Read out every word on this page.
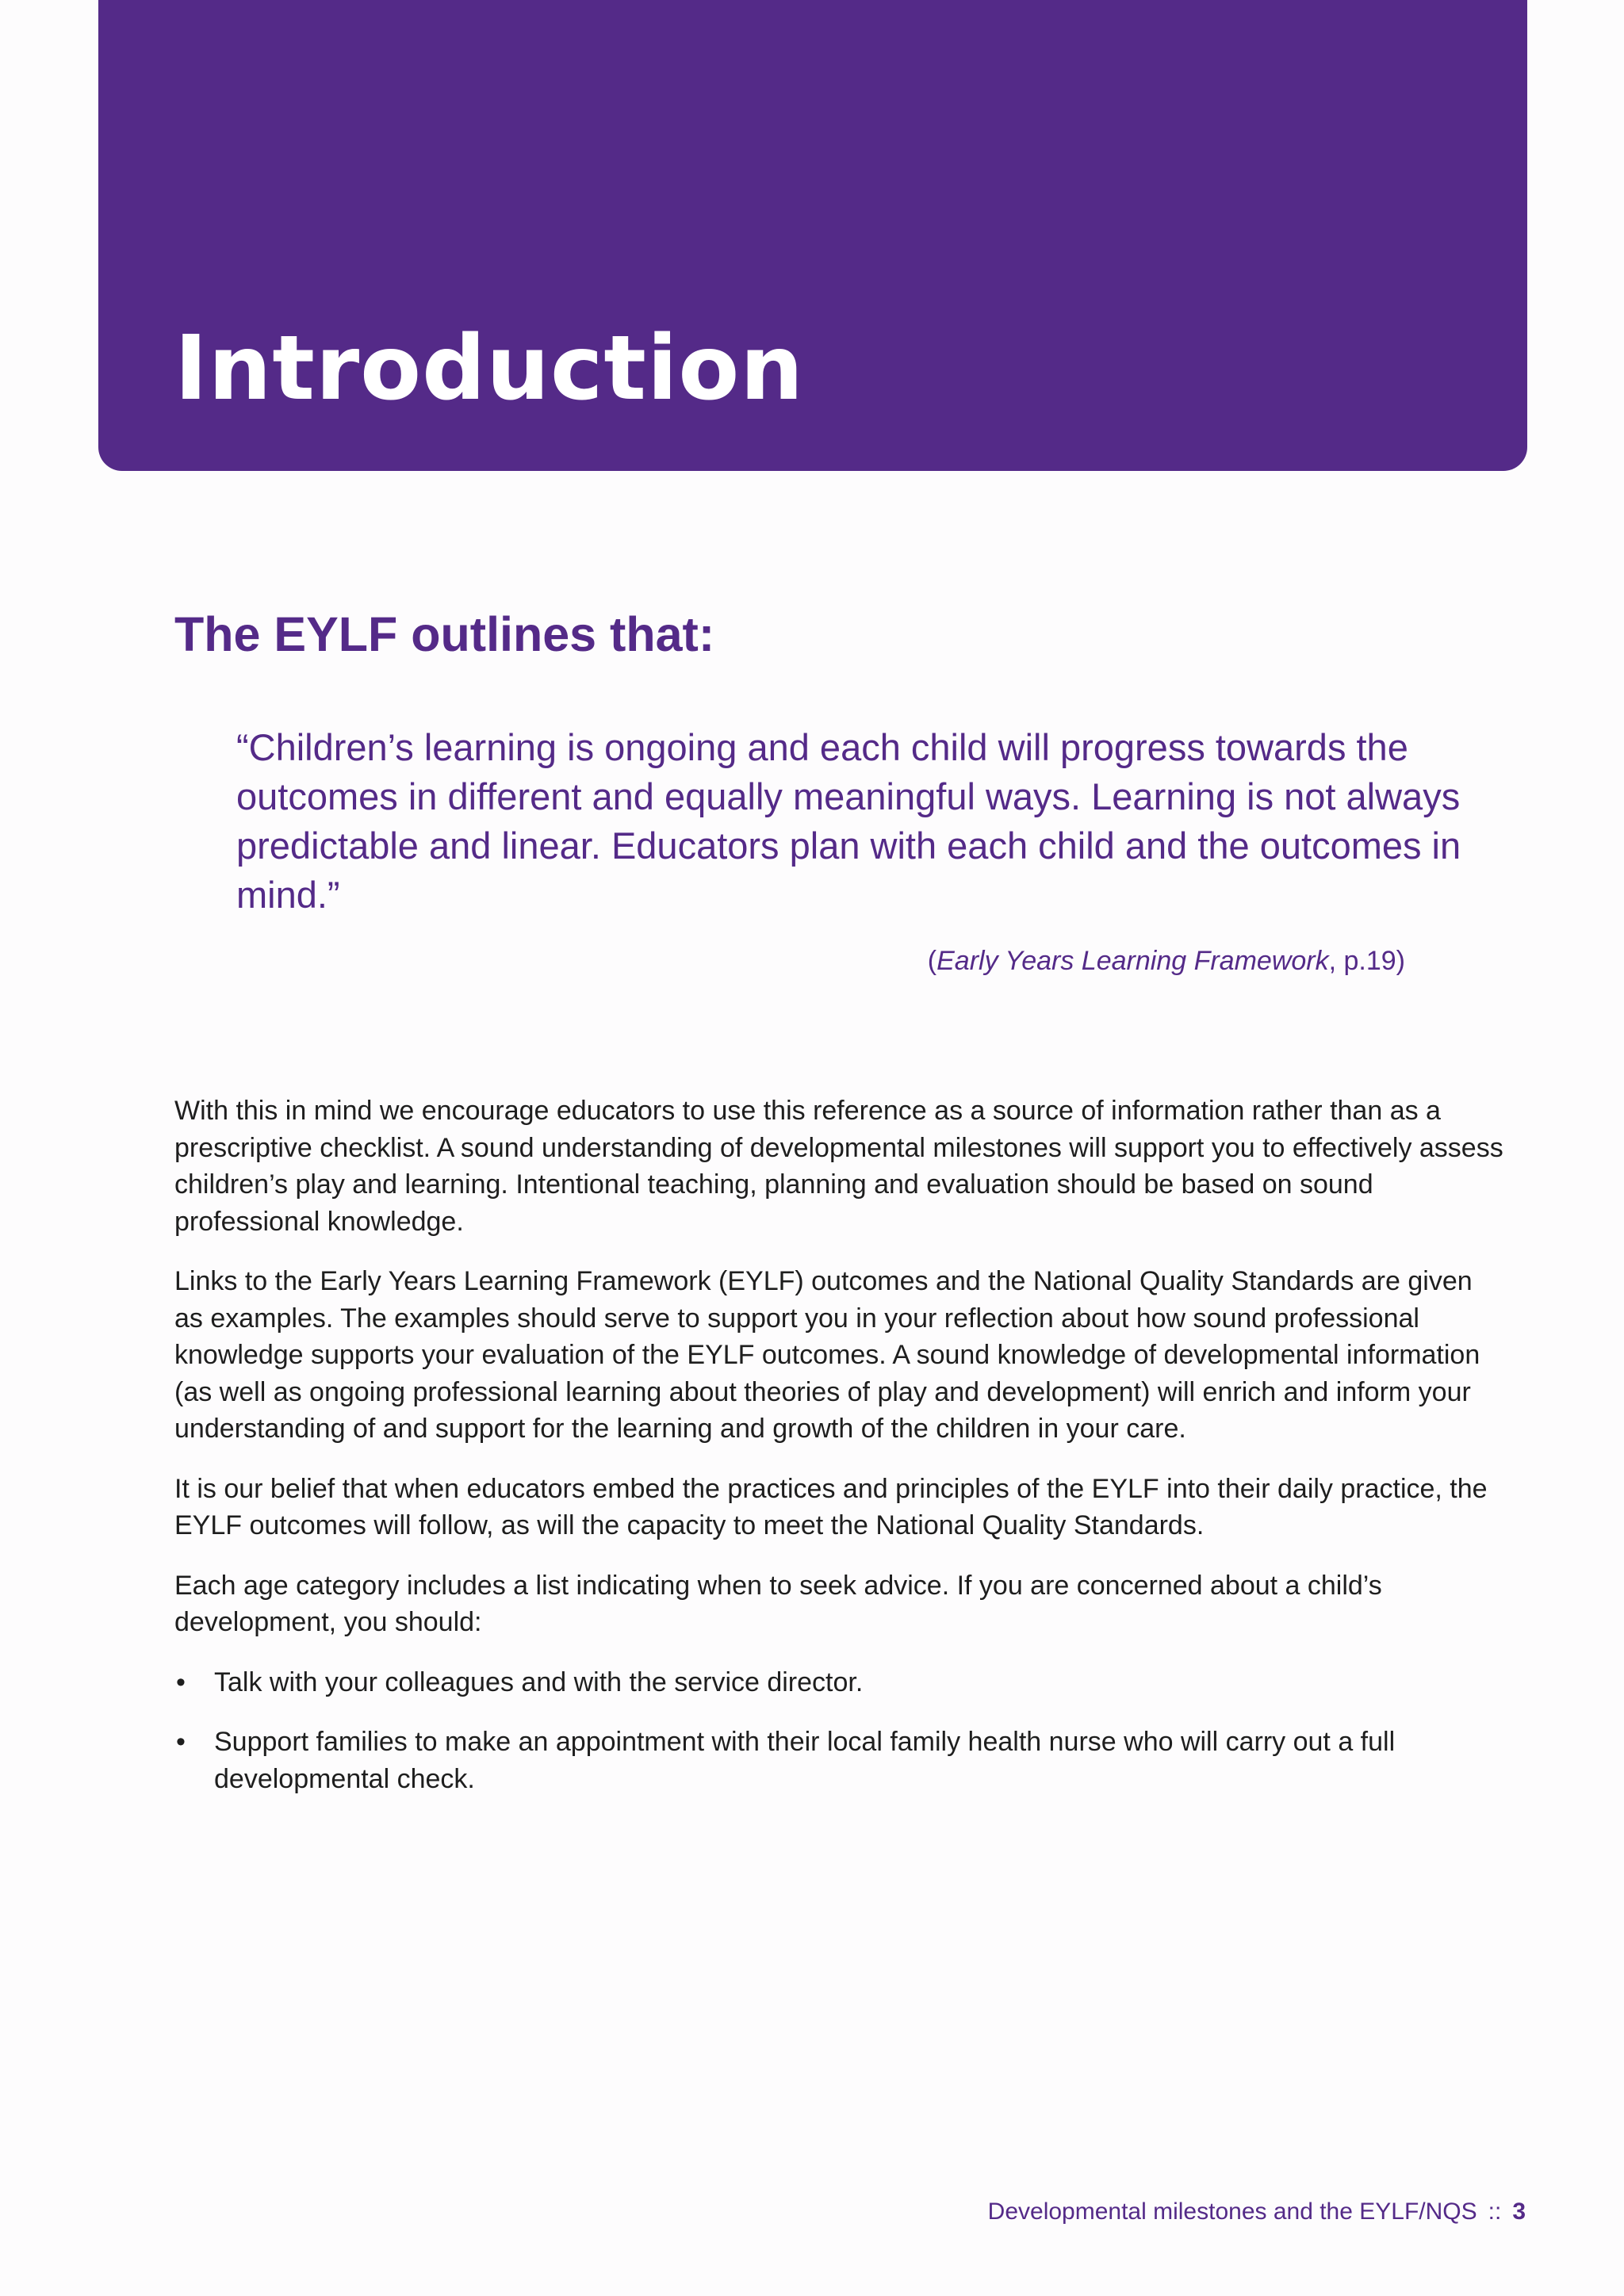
Introduction
The EYLF outlines that:
“Children’s learning is ongoing and each child will progress towards the outcomes in different and equally meaningful ways. Learning is not always predictable and linear. Educators plan with each child and the outcomes in mind.”

(Early Years Learning Framework, p.19)

With this in mind we encourage educators to use this reference as a source of information rather than as a prescriptive checklist. A sound understanding of developmental milestones will support you to effectively assess children’s play and learning. Intentional teaching, planning and evaluation should be based on sound professional knowledge.

Links to the Early Years Learning Framework (EYLF) outcomes and the National Quality Standards are given as examples. The examples should serve to support you in your reflection about how sound professional knowledge supports your evaluation of the EYLF outcomes. A sound knowledge of developmental information (as well as ongoing professional learning about theories of play and development) will enrich and inform your understanding of and support for the learning and growth of the children in your care.

It is our belief that when educators embed the practices and principles of the EYLF into their daily practice, the EYLF outcomes will follow, as will the capacity to meet the National Quality Standards.

Each age category includes a list indicating when to seek advice. If you are concerned about a child’s development, you should:

• Talk with your colleagues and with the service director.
• Support families to make an appointment with their local family health nurse who will carry out a full developmental check.
Developmental milestones and the EYLF/NQS :: 3
